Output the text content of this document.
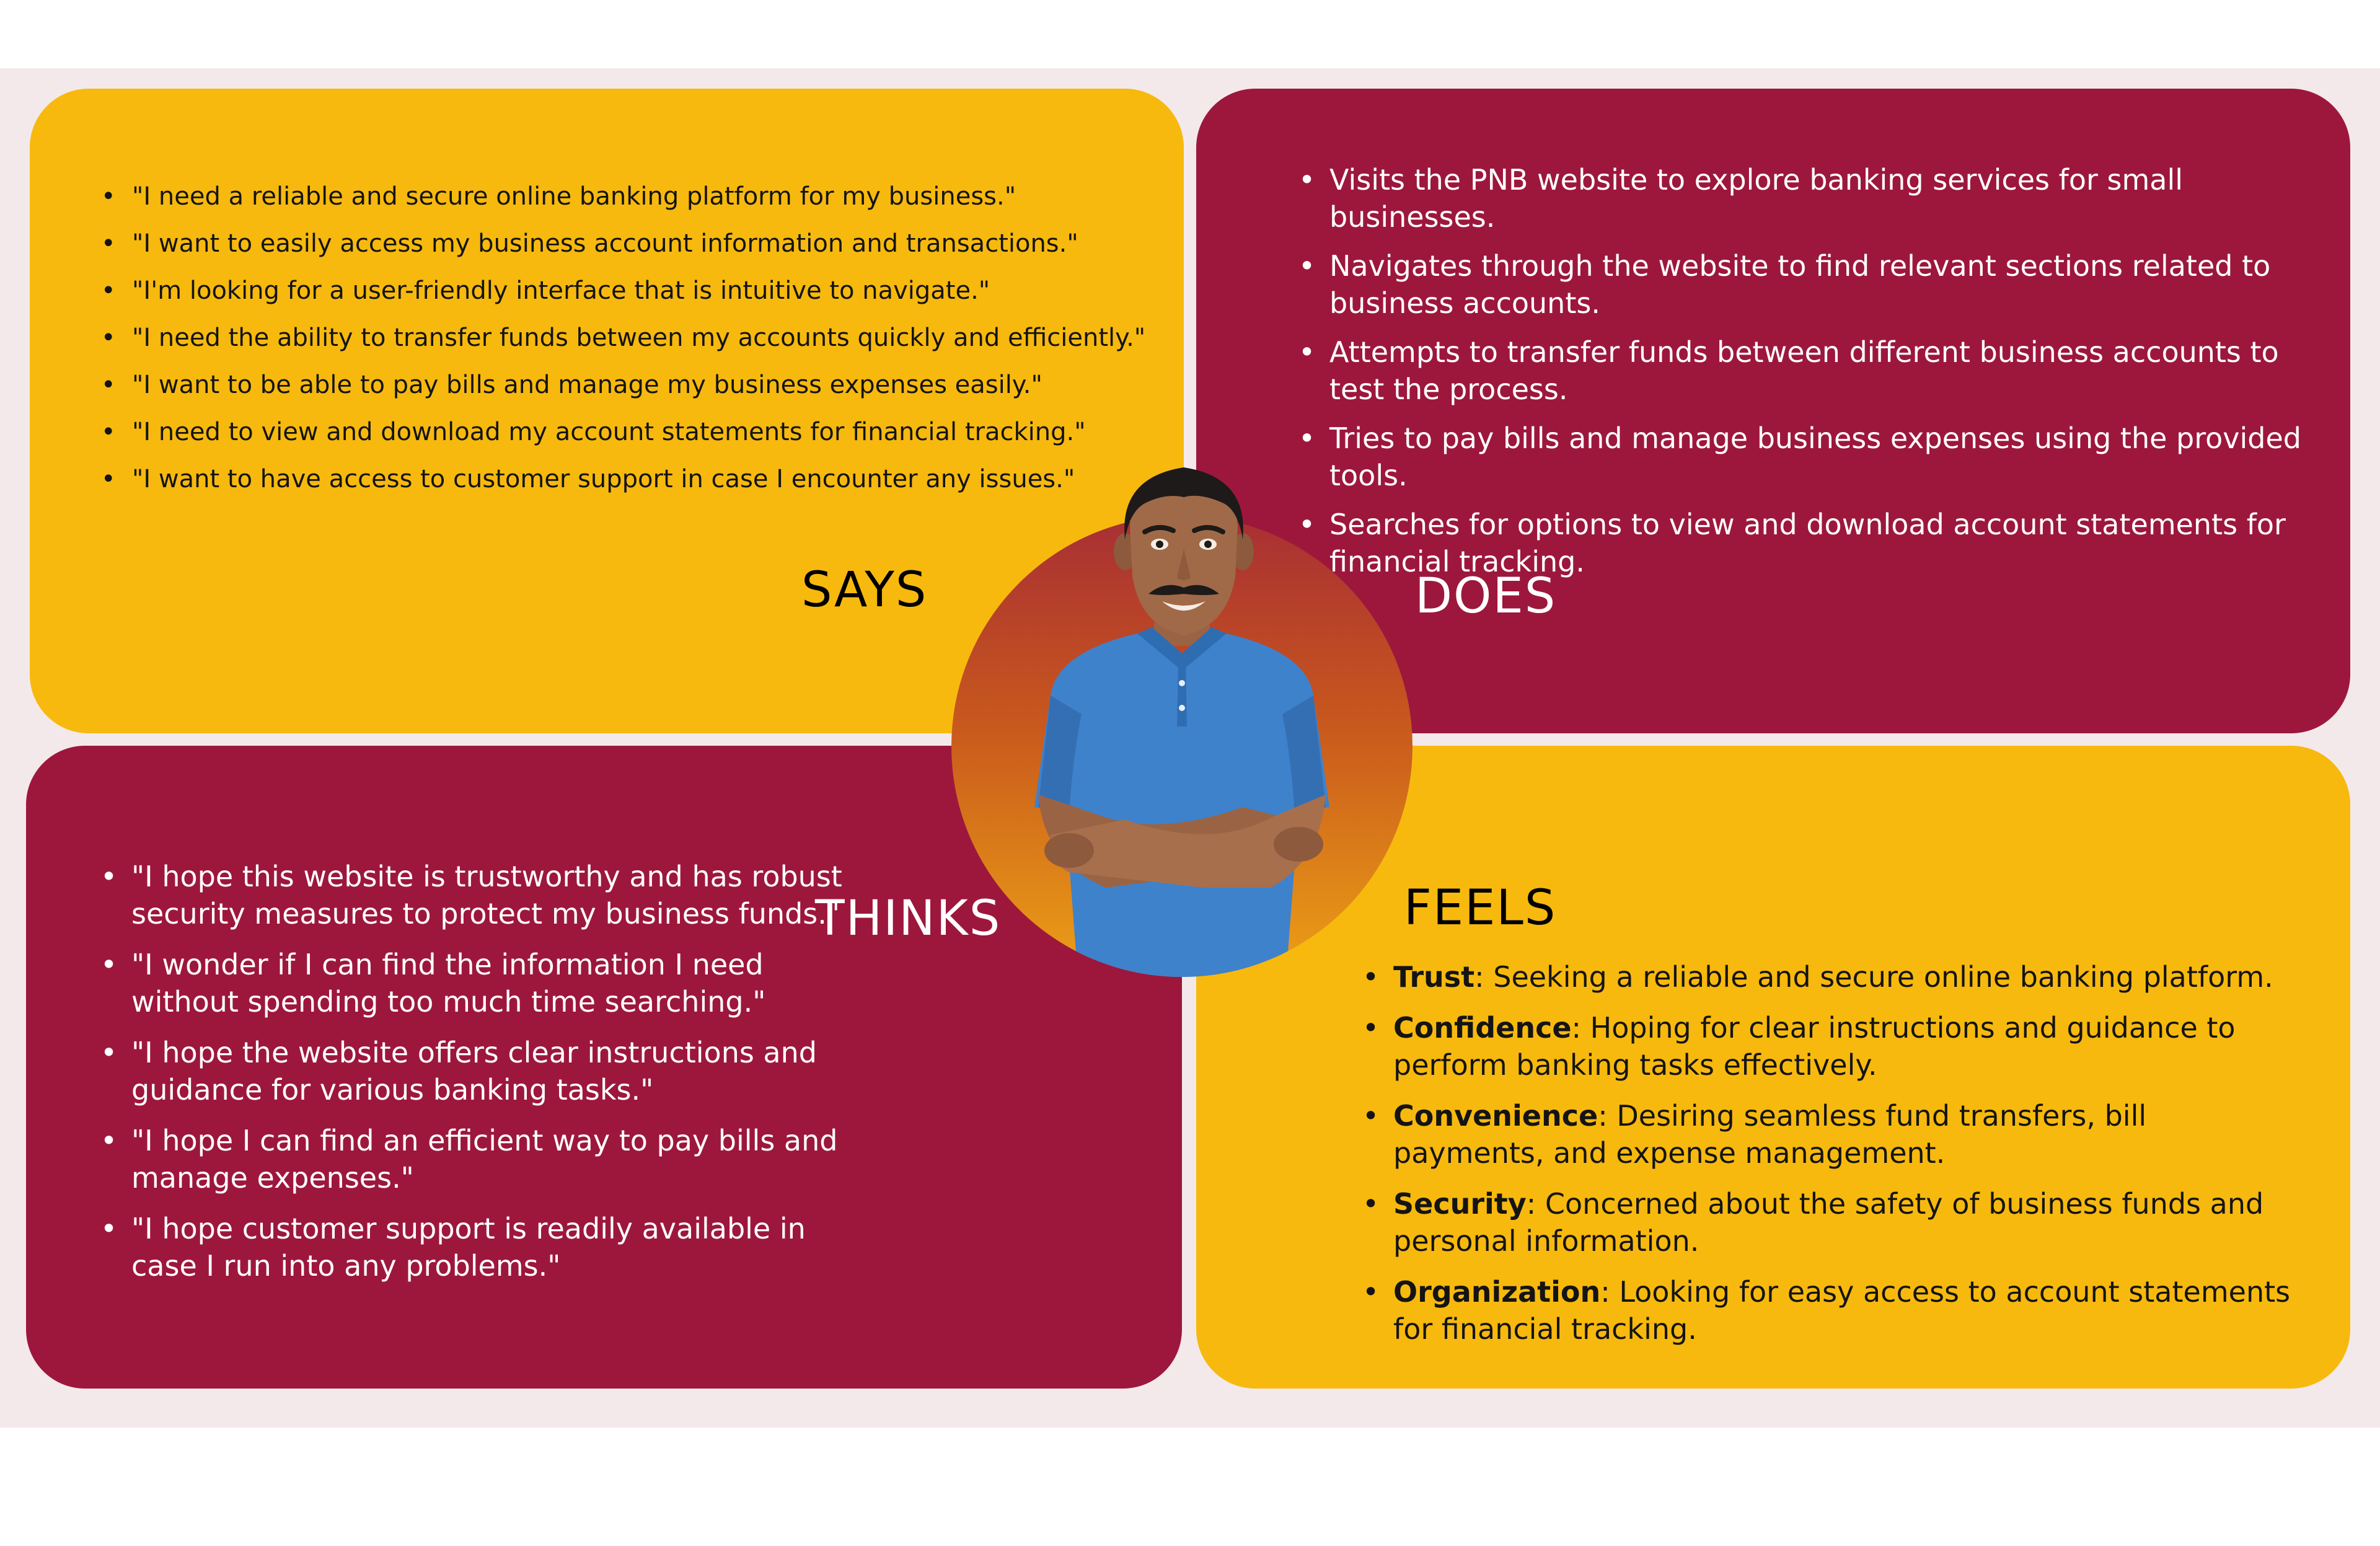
• "I need a reliable and secure online banking platform for my business."
• "I want to easily access my business account information and transactions."
• "I'm looking for a user-friendly interface that is intuitive to navigate."
• "I need the ability to transfer funds between my accounts quickly and efficiently."
• "I want to be able to pay bills and manage my business expenses easily."
• "I need to view and download my account statements for financial tracking."
• "I want to have access to customer support in case I encounter any issues."
• Visits the PNB website to explore banking services for small businesses.
• Navigates through the website to find relevant sections related to business accounts.
• Attempts to transfer funds between different business accounts to test the process.
• Tries to pay bills and manage business expenses using the provided tools.
• Searches for options to view and download account statements for financial tracking.
• "I hope this website is trustworthy and has robust security measures to protect my business funds."
• "I wonder if I can find the information I need without spending too much time searching."
• "I hope the website offers clear instructions and guidance for various banking tasks."
• "I hope I can find an efficient way to pay bills and manage expenses."
• "I hope customer support is readily available in case I run into any problems."
• Trust: Seeking a reliable and secure online banking platform.
• Confidence: Hoping for clear instructions and guidance to perform banking tasks effectively.
• Convenience: Desiring seamless fund transfers, bill payments, and expense management.
• Security: Concerned about the safety of business funds and personal information.
• Organization: Looking for easy access to account statements for financial tracking.
SAYS	DOES
THINKS	FEELS
